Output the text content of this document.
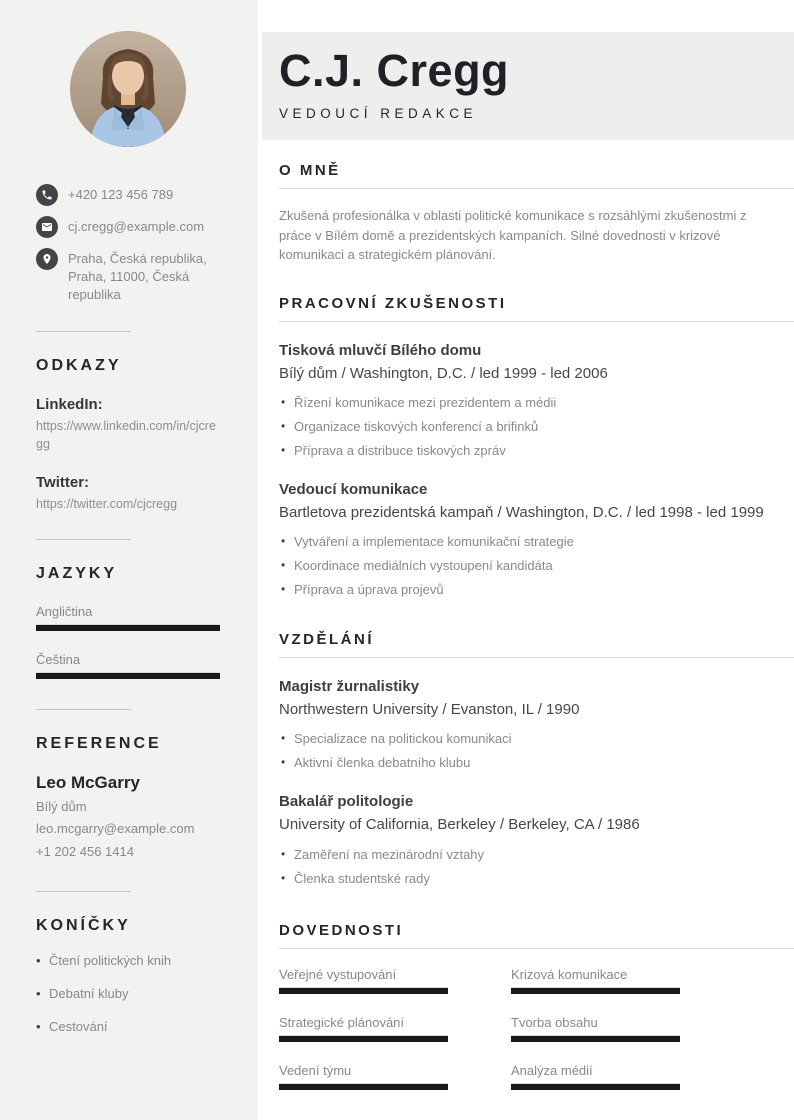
+420 123 456 789
cj.cregg@example.com
Praha, Česká republika, Praha, 11000, Česká republika
ODKAZY
LinkedIn:
https://www.linkedin.com/in/cjcregg
Twitter:
https://twitter.com/cjcregg
JAZYKY
Angličtina
Čeština
REFERENCE
Leo McGarry
Bílý dům
leo.mcgarry@example.com
+1 202 456 1414
KONÍČKY
• Čtení politických knih
• Debatní kluby
• Cestování
C.J. Cregg
VEDOUCÍ REDAKCE
O MNĚ

Zkušená profesionálka v oblasti politické komunikace s rozsáhlými zkušenostmi z práce v Bílém domě a prezidentských kampaních. Silné dovednosti v krizové komunikaci a strategickém plánování.

PRACOVNÍ ZKUŠENOSTI
Tisková mluvčí Bílého domu
Bílý dům / Washington, D.C. / led 1999 - led 2006
• Řízení komunikace mezi prezidentem a médii
• Organizace tiskových konferencí a brifinků
• Příprava a distribuce tiskových zpráv
Vedoucí komunikace
Bartletova prezidentská kampaň / Washington, D.C. / led 1998 - led 1999
• Vytváření a implementace komunikační strategie
• Koordinace mediálních vystoupení kandidáta
• Příprava a úprava projevů
VZDĚLÁNÍ
Magistr žurnalistiky
Northwestern University / Evanston, IL / 1990
• Specializace na politickou komunikaci
• Aktivní členka debatního klubu
Bakalář politologie
University of California, Berkeley / Berkeley, CA / 1986
• Zaměření na mezinárodní vztahy
• Členka studentské rady
DOVEDNOSTI
Veřejné vystupování	Krizová komunikace
Strategické plánování	Tvorba obsahu
Vedení týmu	Analýza médií
